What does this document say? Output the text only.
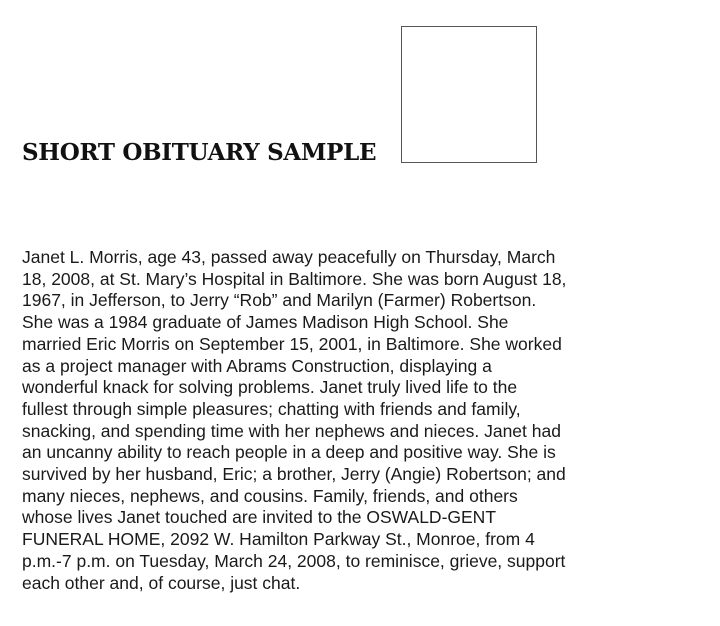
SHORT OBITUARY SAMPLE
Janet L. Morris, age 43, passed away peacefully on Thursday, March
18, 2008, at St. Mary’s Hospital in Baltimore. She was born August 18,
1967, in Jefferson, to Jerry “Rob” and Marilyn (Farmer) Robertson.
She was a 1984 graduate of James Madison High School. She
married Eric Morris on September 15, 2001, in Baltimore. She worked
as a project manager with Abrams Construction, displaying a
wonderful knack for solving problems. Janet truly lived life to the
fullest through simple pleasures; chatting with friends and family,
snacking, and spending time with her nephews and nieces. Janet had
an uncanny ability to reach people in a deep and positive way. She is
survived by her husband, Eric; a brother, Jerry (Angie) Robertson; and
many nieces, nephews, and cousins. Family, friends, and others
whose lives Janet touched are invited to the OSWALD-GENT
FUNERAL HOME, 2092 W. Hamilton Parkway St., Monroe, from 4
p.m.-7 p.m. on Tuesday, March 24, 2008, to reminisce, grieve, support
each other and, of course, just chat.
